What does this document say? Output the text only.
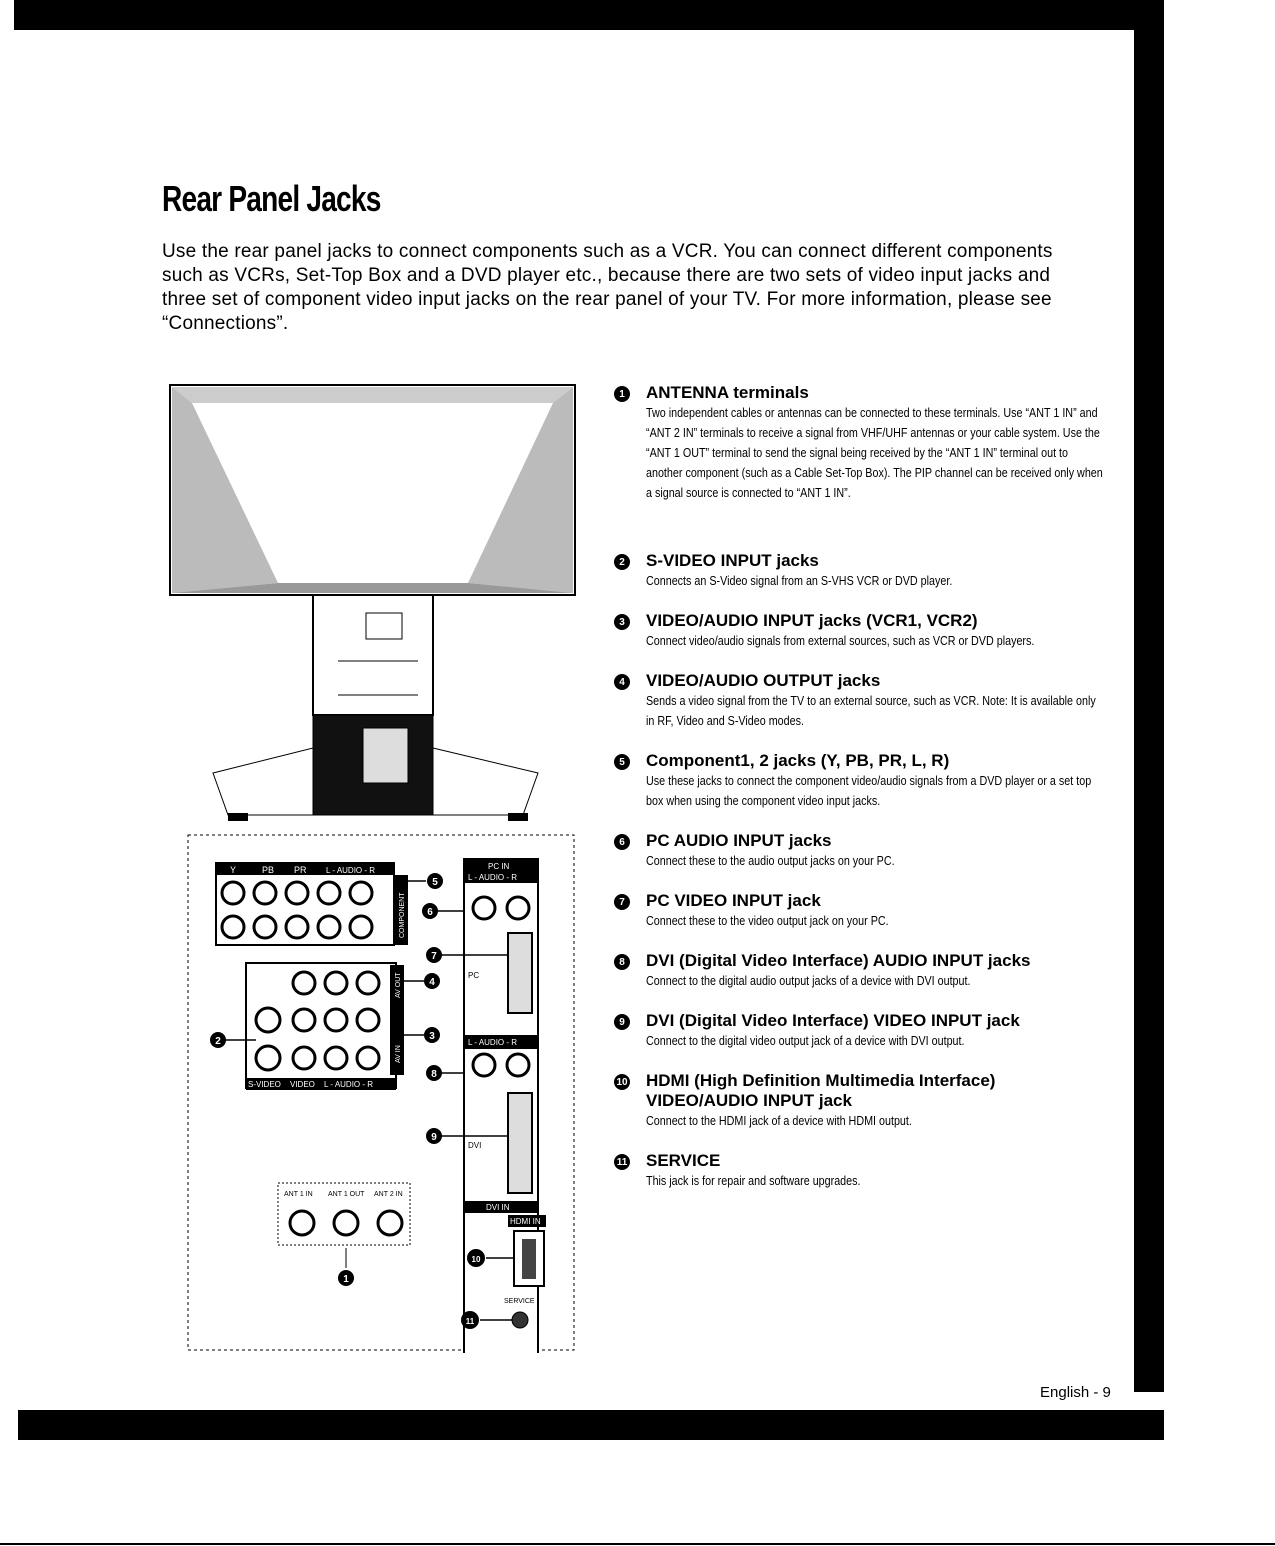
Rear Panel Jacks

Use the rear panel jacks to connect components such as a VCR. You can connect different components such as VCRs, Set-Top Box and a DVD player etc., because there are two sets of video input jacks and three set of component video input jacks on the rear panel of your TV. For more information, please see “Connections”.

Y	PB PR L - AUDIO - R
COMPONENT
AV OUT
AV IN
S-VIDEO VIDEO L - AUDIO - R
PC IN
L - AUDIO - R
PC
L - AUDIO - R
DVI
DVI IN
HDMI IN
SERVICE
ANT 1 IN ANT 1 OUT ANT 2 IN
5
6
7
4
2	3
8
9
1
10
11
1	ANTENNA terminals
Two independent cables or antennas can be connected to these terminals. Use “ANT 1 IN” and “ANT 2 IN” terminals to receive a signal from VHF/UHF antennas or your cable system. Use the “ANT 1 OUT” terminal to send the signal being received by the “ANT 1 IN” terminal out to another component (such as a Cable Set-Top Box). The PIP channel can be received only when a signal source is connected to “ANT 1 IN”.
2	S-VIDEO INPUT jacks
Connects an S-Video signal from an S-VHS VCR or DVD player.
3	VIDEO/AUDIO INPUT jacks (VCR1, VCR2)
Connect video/audio signals from external sources, such as VCR or DVD players.
4	VIDEO/AUDIO OUTPUT jacks
Sends a video signal from the TV to an external source, such as VCR. Note: It is available only in RF, Video and S-Video modes.
5	Component1, 2 jacks (Y, PB, PR, L, R)
Use these jacks to connect the component video/audio signals from a DVD player or a set top box when using the component video input jacks.
6	PC AUDIO INPUT jacks
Connect these to the audio output jacks on your PC.
7	PC VIDEO INPUT jack
Connect these to the video output jack on your PC.
8	DVI (Digital Video Interface) AUDIO INPUT jacks
Connect to the digital audio output jacks of a device with DVI output.
9	DVI (Digital Video Interface) VIDEO INPUT jack
Connect to the digital video output jack of a device with DVI output.
10 HDMI (High Definition Multimedia Interface) VIDEO/AUDIO INPUT jack
Connect to the HDMI jack of a device with HDMI output.
11 SERVICE
This jack is for repair and software upgrades.
English - 9
